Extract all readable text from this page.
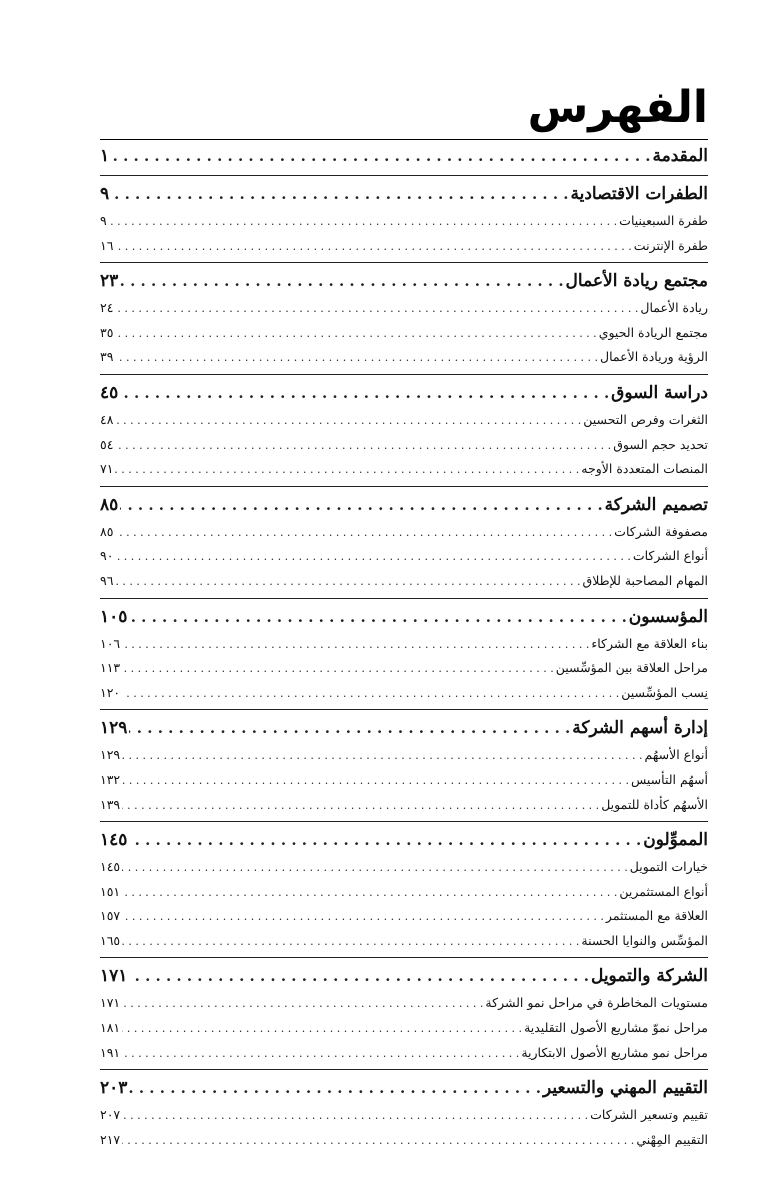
الفهرس
المقدمة
. . .
١
الطفرات الاقتصادية
. . .
٩
طفرة السبعينيات
. . .
٩
طفرة الإنترنت
. . .
١٦
مجتمع ريادة الأعمال
. . .
٢٣
ريادة الأعمال
. . .
٢٤
مجتمع الريادة الحيوي
. . .
٣٥
الرؤية وريادة الأعمال
. . .
٣٩
دراسة السوق
. . .
٤٥
الثغرات وفرص التحسين
. . .
٤٨
تحديد حجم السوق
. . .
٥٤
المنصات المتعددة الأوجه
. . .
٧١
تصميم الشركة
. . .
٨٥
مصفوفة الشركات
. . .
٨٥
أنواع الشركات
. . .
٩٠
المهام المصاحبة للإطلاق
. . .
٩٦
المؤسسون
. . .
١٠٥
بناء العلاقة مع الشركاء
. . .
١٠٦
مراحل العلاقة بين المؤسِّسين
. . .
١١٣
نِسب المؤسِّسين
. . .
١٢٠
إدارة أسهم الشركة
. . .
١٢٩
أنواع الأسهُم
. . .
١٢٩
أسهُم التأسيس
. . .
١٣٢
الأسهُم كأداة للتمويل
. . .
١٣٩
المموِّلون
. . .
١٤٥
خيارات التمويل
. . .
١٤٥
أنواع المستثمرين
. . .
١٥١
العلاقة مع المستثمر
. . .
١٥٧
المؤسِّس والنوايا الحسنة
. . .
١٦٥
الشركة والتمويل
. . .
١٧١
مستويات المخاطرة في مراحل نمو الشركة
. . .
١٧١
مراحل نموّ مشاريع الأصول التقليدية
. . .
١٨١
مراحل نمو مشاريع الأصول الابتكارية
. . .
١٩١
التقييم المهني والتسعير
. . .
٢٠٣
تقييم وتسعير الشركات
. . .
٢٠٧
التقييم المِهْني
. . .
٢١٧
